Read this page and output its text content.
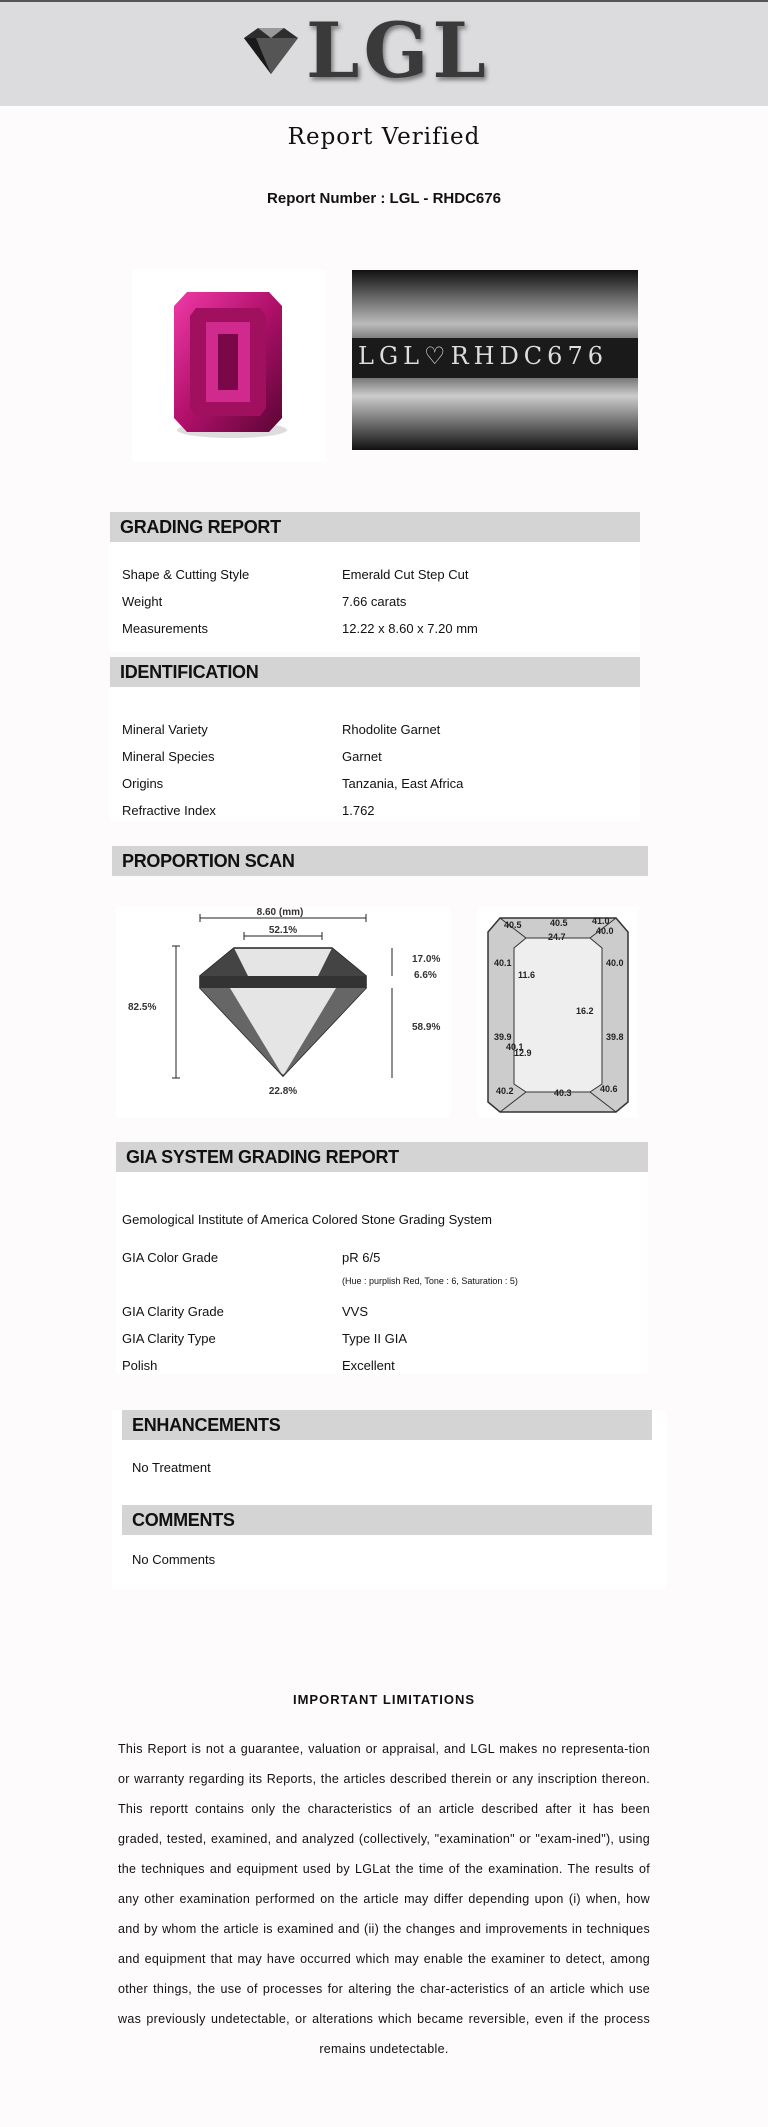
LGL
Report Verified
Report Number : LGL - RHDC676
LGL♡RHDC676
GRADING REPORT
Shape & Cutting Style	Emerald Cut Step Cut
Weight	7.66 carats
Measurements	12.22 x 8.60 x 7.20 mm
IDENTIFICATION
Mineral Variety	Rhodolite Garnet
Mineral Species	Garnet
Origins	Tanzania, East Africa
Refractive Index	1.762
PROPORTION SCAN
8.60 (mm)
52.1%
82.5%
17.0%
6.6%
58.9%
22.8%
40.5	40.5	41.0
40.0
24.7
40.1
11.6
40.0
16.2
39.8
39.9
40.1
12.9
40.2	40.3	40.6
GIA SYSTEM GRADING REPORT
Gemological Institute of America Colored Stone Grading System
GIA Color Grade	pR 6/5
(Hue : purplish Red, Tone : 6, Saturation : 5)
GIA Clarity Grade	VVS
GIA Clarity Type	Type II GIA
Polish	Excellent
ENHANCEMENTS
No Treatment
COMMENTS
No Comments
IMPORTANT LIMITATIONS
This Report is not a guarantee, valuation or appraisal, and LGL makes no representa-tion or warranty regarding its Reports, the articles described therein or any inscription thereon. This reportt contains only the characteristics of an article described after it has been graded, tested, examined, and analyzed (collectively, "examination" or "exam-ined"), using the techniques and equipment used by LGLat the time of the examination. The results of any other examination performed on the article may differ depending upon (i) when, how and by whom the article is examined and (ii) the changes and improvements in techniques and equipment that may have occurred which may enable the examiner to detect, among other things, the use of processes for altering the char-acteristics of an article which use was previously undetectable, or alterations which became reversible, even if the process remains undetectable.
